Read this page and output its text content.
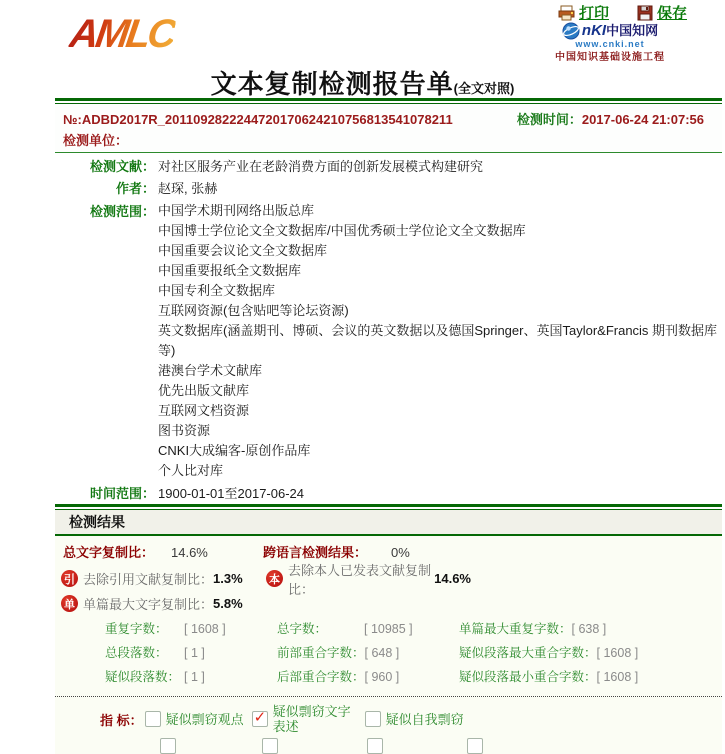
AMLC	打印	保存
nKI中国知网
www.cnki.net
中国知识基础设施工程
文本复制检测报告单(全文对照)
№:ADBD2017R_2011092822244720170624210756813541078211	检测时间：2017-06-24 21:07:56
检测单位：
检测文献： 对社区服务产业在老龄消费方面的创新发展模式构建研究
作者： 赵琛, 张赫
检测范围： 中国学术期刊网络出版总库
中国博士学位论文全文数据库/中国优秀硕士学位论文全文数据库
中国重要会议论文全文数据库
中国重要报纸全文数据库
中国专利全文数据库
互联网资源(包含贴吧等论坛资源)
英文数据库(涵盖期刊、博硕、会议的英文数据以及德国Springer、英国Taylor&Francis 期刊数据库等)
港澳台学术文献库
优先出版文献库
互联网文档资源
图书资源
CNKI大成编客-原创作品库
个人比对库
时间范围： 1900-01-01至2017-06-24
检测结果
总文字复制比：	14.6%	跨语言检测结果：	0%
引 去除引用文献复制比： 1.3% 本
去除本人已发表文献复制比：
14.6%
单 单篇最大文字复制比： 5.8%
重复字数：	[ 1608 ]	总字数：	[ 10985 ]	单篇最大重复字数： [ 638 ]
总段落数：	[ 1 ]	前部重合字数： [ 648 ]	疑似段落最大重合字数： [ 1608 ]
疑似段落数： [ 1 ]	后部重合字数： [ 960 ]	疑似段落最小重合字数： [ 1608 ]
指 标： 疑似剽窃观点 ✓ 疑似剽窃文字表述	疑似自我剽窃
